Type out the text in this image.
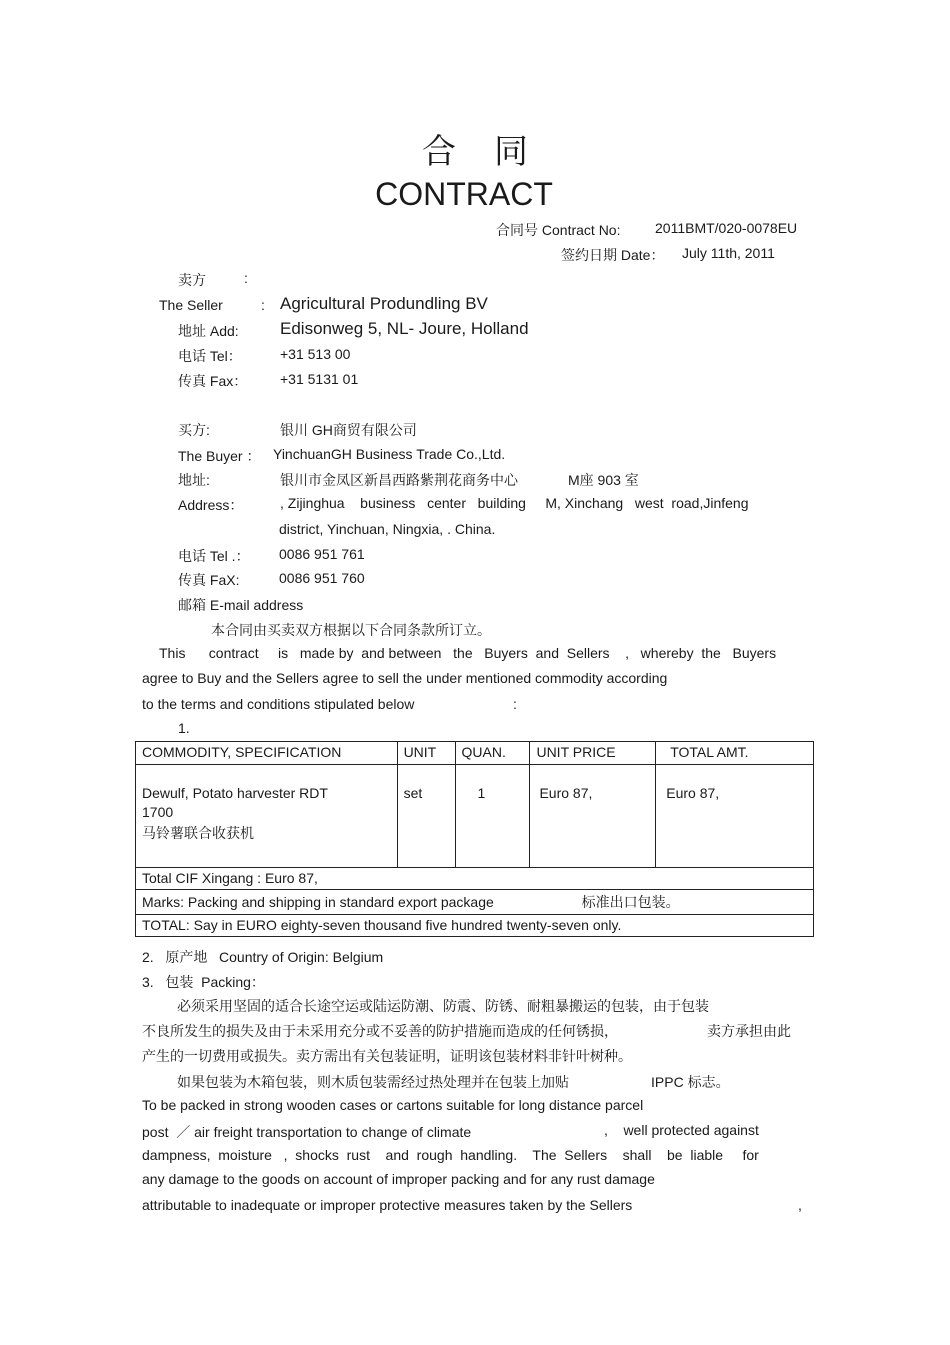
合同
CONTRACT
合同号 Contract No: 2011BMT/020-0078EU
签约日期 Date： July 11th, 2011
卖方	:
The Seller	: Agricultural Produndling BV
地址 Add: Edisonweg 5, NL- Joure, Holland
电话 Tel：	+31 513 00
传真 Fax： +31 5131 01
买方:	银川 GH商贸有限公司
The Buyer ： YinchuanGH Business Trade Co.,Ltd.
地址:	银川市金凤区新昌西路紫荆花商务中心	M座 903 室
Address：	, Zijinghua    business   center   building     M, Xinchang   west  road,Jinfeng
district, Yinchuan, Ningxia, . China.
电话 Tel .： 0086 951 761
传真 FaX:	0086 951 760
邮箱 E-mail address
本合同由买卖双方根据以下合同条款所订立。
This      contract     is   made by  and between   the   Buyers  and  Sellers    ,   whereby  the   Buyers
agree to Buy and the Sellers agree to sell the under mentioned commodity according
to the terms and conditions stipulated below	:
1.
COMMODITY, SPECIFICATION	UNIT	QUAN.	UNIT PRICE	TOTAL AMT.

Dewulf, Potato harvester RDT
1700
马铃薯联合收获机	set	1	Euro 87,	Euro 87,
Total CIF Xingang : Euro 87,				
Marks: Packing and shipping in standard export package 标准出口包装。				
TOTAL: Say in EURO eighty-seven thousand five hundred twenty-seven only.				
2.   原产地   Country of Origin: Belgium
3.   包装  Packing：
必须采用坚固的适合长途空运或陆运防潮、防震、防锈、耐粗暴搬运的包装，由于包装
不良所发生的损失及由于未采用充分或不妥善的防护措施而造成的任何锈损，	卖方承担由此
产生的一切费用或损失。卖方需出有关包装证明，证明该包装材料非针叶树种。
如果包装为木箱包装，则木质包装需经过热处理并在包装上加贴	IPPC 标志。
To be packed in strong wooden cases or cartons suitable for long distance parcel
post  ／ air freight transportation to change of climate	,    well protected against
dampness,  moisture   ,  shocks  rust    and  rough  handling.    The  Sellers    shall    be  liable     for
any damage to the goods on account of improper packing and for any rust damage
attributable to inadequate or improper protective measures taken by the Sellers	,
